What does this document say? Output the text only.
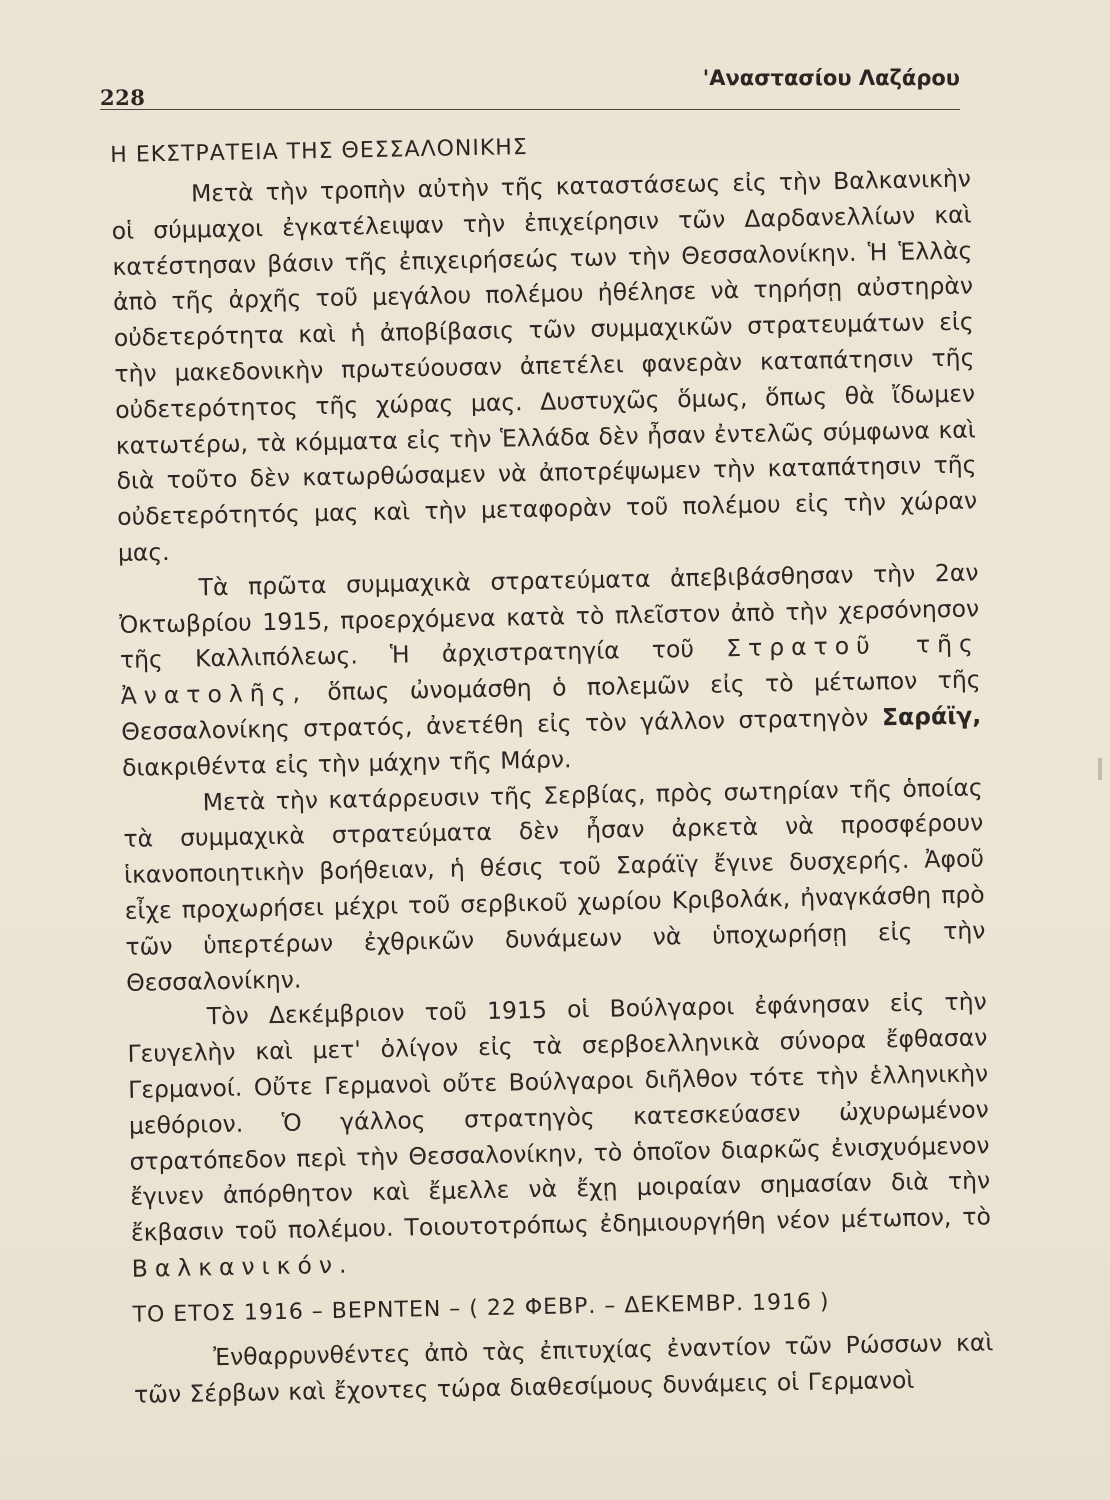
228
'Αναστασίου Λαζάρου
Η ΕΚΣΤΡΑΤΕΙΑ ΤΗΣ ΘΕΣΣΑΛΟΝΙΚΗΣ

Μετὰ τὴν τροπὴν αὐτὴν τῆς καταστάσεως εἰς τὴν Βαλκανικὴν οἱ σύμμαχοι ἐγκατέλειψαν τὴν ἐπιχείρησιν τῶν Δαρδανελλίων καὶ κατέστησαν βάσιν τῆς ἐπιχειρήσεώς των τὴν Θεσσαλονίκην. Ἡ Ἑλλὰς ἀπὸ τῆς ἀρχῆς τοῦ μεγάλου πολέμου ἠθέλησε νὰ τηρήσῃ αὐστηρὰν οὐδετερότητα καὶ ἡ ἀποβίβασις τῶν συμμαχικῶν στρατευμάτων εἰς τὴν μακεδονικὴν πρωτεύουσαν ἀπετέλει φανερὰν καταπάτησιν τῆς οὐδετερότητος τῆς χώρας μας. Δυστυχῶς ὅμως, ὅπως θὰ ἴδωμεν κατωτέρω, τὰ κόμματα εἰς τὴν Ἑλλάδα δὲν ἦσαν ἐντελῶς σύμφωνα καὶ διὰ τοῦτο δὲν κατωρθώσαμεν νὰ ἀποτρέψωμεν τὴν καταπάτησιν τῆς οὐδετερότητός μας καὶ τὴν μεταφορὰν τοῦ πολέμου εἰς τὴν χώραν μας.

Τὰ πρῶτα συμμαχικὰ στρατεύματα ἀπεβιβάσθησαν τὴν 2αν Ὀκτωβρίου 1915, προερχόμενα κατὰ τὸ πλεῖστον ἀπὸ τὴν χερσόνησον τῆς Καλλιπόλεως. Ἡ ἀρχιστρατηγία τοῦ Στρατοῦ τῆς Ἀνατολῆς, ὅπως ὠνομάσθη ὁ πολεμῶν εἰς τὸ μέτωπον τῆς Θεσσαλονίκης στρατός, ἀνετέθη εἰς τὸν γάλλον στρατηγὸν Σαράϊγ, διακριθέντα εἰς τὴν μάχην τῆς Μάρν.

Μετὰ τὴν κατάρρευσιν τῆς Σερβίας, πρὸς σωτηρίαν τῆς ὁποίας τὰ συμμαχικὰ στρατεύματα δὲν ἦσαν ἀρκετὰ νὰ προσφέρουν ἱκανοποιητικὴν βοήθειαν, ἡ θέσις τοῦ Σαράϊγ ἔγινε δυσχερής. Ἀφοῦ εἶχε προχωρήσει μέχρι τοῦ σερβικοῦ χωρίου Κριβολάκ, ἠναγκάσθη πρὸ τῶν ὑπερτέρων ἐχθρικῶν δυνάμεων νὰ ὑποχωρήσῃ εἰς τὴν Θεσσαλονίκην.

Τὸν Δεκέμβριον τοῦ 1915 οἱ Βούλγαροι ἐφάνησαν εἰς τὴν Γευγελὴν καὶ μετ' ὀλίγον εἰς τὰ σερβοελληνικὰ σύνορα ἔφθασαν Γερμανοί. Οὔτε Γερμανοὶ οὔτε Βούλγαροι διῆλθον τότε τὴν ἑλληνικὴν μεθόριον. Ὁ γάλλος στρατηγὸς κατεσκεύασεν ὠχυρωμένον στρατόπεδον περὶ τὴν Θεσσαλονίκην, τὸ ὁποῖον διαρκῶς ἐνισχυόμενον ἔγινεν ἀπόρθητον καὶ ἔμελλε νὰ ἔχῃ μοιραίαν σημασίαν διὰ τὴν ἔκβασιν τοῦ πολέμου. Τοιουτοτρόπως ἐδημιουργήθη νέον μέτωπον, τὸ Βαλκανικόν.

ΤΟ ΕΤΟΣ 1916 – ΒΕΡΝΤΕΝ – ( 22 ΦΕΒΡ. – ΔΕΚΕΜΒΡ. 1916 )

Ἐνθαρρυνθέντες ἀπὸ τὰς ἐπιτυχίας ἐναντίον τῶν Ρώσσων καὶ τῶν Σέρβων καὶ ἔχοντες τώρα διαθεσίμους δυνάμεις οἱ Γερμανοὶ
